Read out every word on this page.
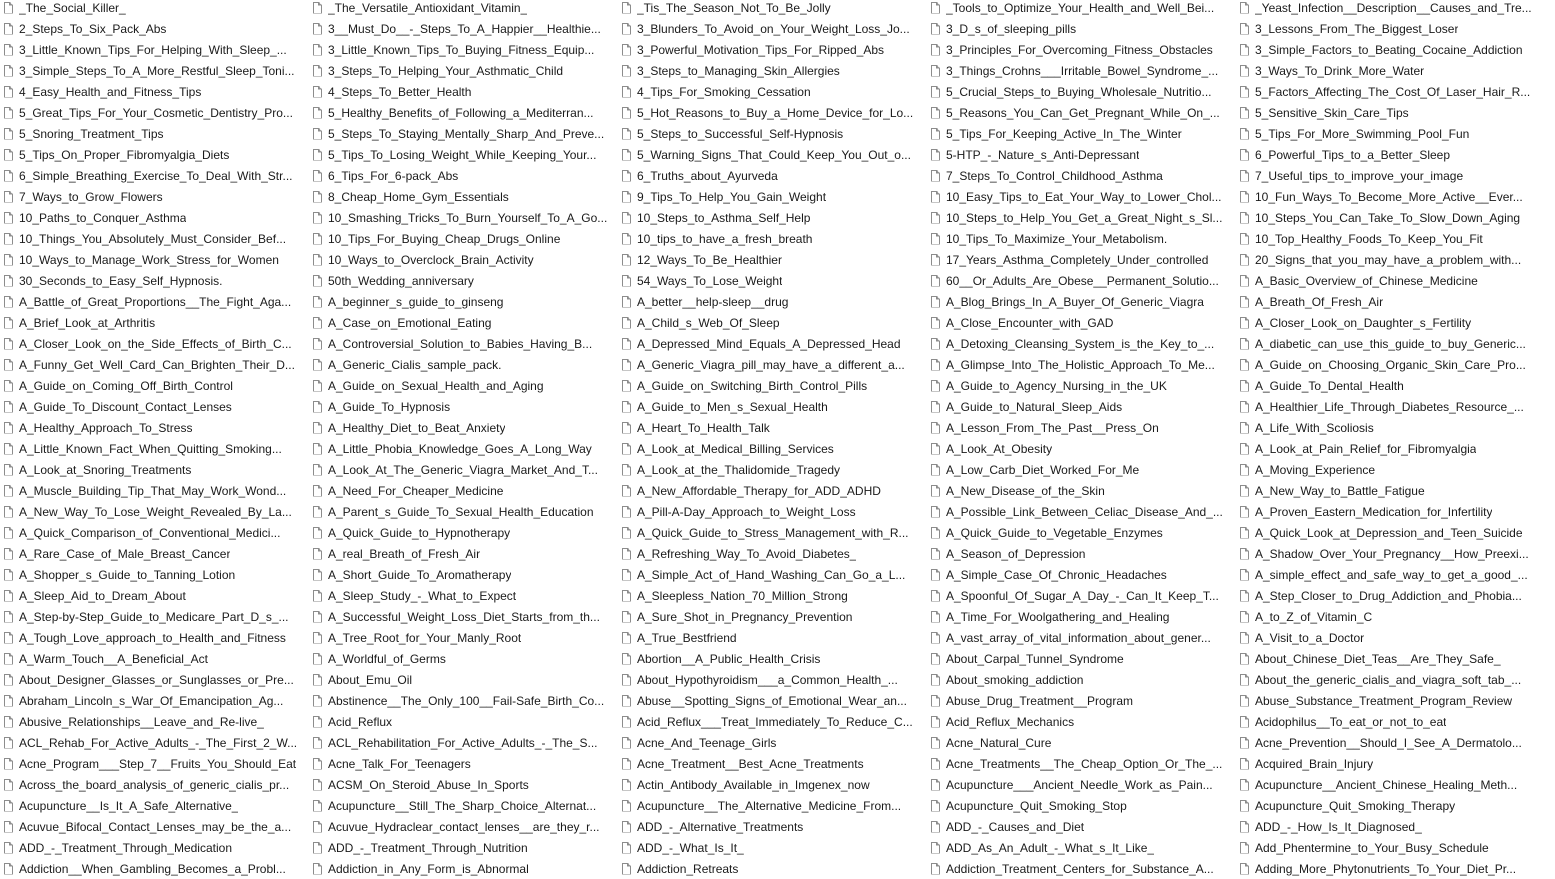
_The_Social_Killer_	_The_Versatile_Antioxidant_Vitamin_	_Tis_The_Season_Not_To_Be_Jolly	_Tools_to_Optimize_Your_Health_and_Well_Bei...	_Yeast_Infection__Description__Causes_and_Tre...
2_Steps_To_Six_Pack_Abs	3__Must_Do__-_Steps_To_A_Happier__Healthie...	3_Blunders_To_Avoid_on_Your_Weight_Loss_Jo...	3_D_s_of_sleeping_pills	3_Lessons_From_The_Biggest_Loser
3_Little_Known_Tips_For_Helping_With_Sleep_...	3_Little_Known_Tips_To_Buying_Fitness_Equip...	3_Powerful_Motivation_Tips_For_Ripped_Abs	3_Principles_For_Overcoming_Fitness_Obstacles	3_Simple_Factors_to_Beating_Cocaine_Addiction
3_Simple_Steps_To_A_More_Restful_Sleep_Toni...	3_Steps_To_Helping_Your_Asthmatic_Child	3_Steps_to_Managing_Skin_Allergies	3_Things_Crohns___Irritable_Bowel_Syndrome_...	3_Ways_To_Drink_More_Water
4_Easy_Health_and_Fitness_Tips	4_Steps_To_Better_Health	4_Tips_For_Smoking_Cessation	5_Crucial_Steps_to_Buying_Wholesale_Nutritio...	5_Factors_Affecting_The_Cost_Of_Laser_Hair_R...
5_Great_Tips_For_Your_Cosmetic_Dentistry_Pro...	5_Healthy_Benefits_of_Following_a_Mediterran...	5_Hot_Reasons_to_Buy_a_Home_Device_for_Lo...	5_Reasons_You_Can_Get_Pregnant_While_On_...	5_Sensitive_Skin_Care_Tips
5_Snoring_Treatment_Tips	5_Steps_To_Staying_Mentally_Sharp_And_Preve...	5_Steps_to_Successful_Self-Hypnosis	5_Tips_For_Keeping_Active_In_The_Winter	5_Tips_For_More_Swimming_Pool_Fun
5_Tips_On_Proper_Fibromyalgia_Diets	5_Tips_To_Losing_Weight_While_Keeping_Your...	5_Warning_Signs_That_Could_Keep_You_Out_o...	5-HTP_-_Nature_s_Anti-Depressant	6_Powerful_Tips_to_a_Better_Sleep
6_Simple_Breathing_Exercise_To_Deal_With_Str...	6_Tips_For_6-pack_Abs	6_Truths_about_Ayurveda	7_Steps_To_Control_Childhood_Asthma	7_Useful_tips_to_improve_your_image
7_Ways_to_Grow_Flowers	8_Cheap_Home_Gym_Essentials	9_Tips_To_Help_You_Gain_Weight	10_Easy_Tips_to_Eat_Your_Way_to_Lower_Chol...	10_Fun_Ways_To_Become_More_Active__Ever...
10_Paths_to_Conquer_Asthma	10_Smashing_Tricks_To_Burn_Yourself_To_A_Go... 10_Steps_to_Asthma_Self_Help	10_Steps_to_Help_You_Get_a_Great_Night_s_Sl...	10_Steps_You_Can_Take_To_Slow_Down_Aging
10_Things_You_Absolutely_Must_Consider_Bef...	10_Tips_For_Buying_Cheap_Drugs_Online	10_tips_to_have_a_fresh_breath	10_Tips_To_Maximize_Your_Metabolism.	10_Top_Healthy_Foods_To_Keep_You_Fit
10_Ways_to_Manage_Work_Stress_for_Women	10_Ways_to_Overclock_Brain_Activity	12_Ways_To_Be_Healthier	17_Years_Asthma_Completely_Under_controlled	20_Signs_that_you_may_have_a_problem_with...
30_Seconds_to_Easy_Self_Hypnosis.	50th_Wedding_anniversary	54_Ways_To_Lose_Weight	60__Or_Adults_Are_Obese__Permanent_Solutio...	A_Basic_Overview_of_Chinese_Medicine
A_Battle_of_Great_Proportions__The_Fight_Aga...	A_beginner_s_guide_to_ginseng	A_better__help-sleep__drug	A_Blog_Brings_In_A_Buyer_Of_Generic_Viagra	A_Breath_Of_Fresh_Air
A_Brief_Look_at_Arthritis	A_Case_on_Emotional_Eating	A_Child_s_Web_Of_Sleep	A_Close_Encounter_with_GAD	A_Closer_Look_on_Daughter_s_Fertility
A_Closer_Look_on_the_Side_Effects_of_Birth_C...	A_Controversial_Solution_to_Babies_Having_B...	A_Depressed_Mind_Equals_A_Depressed_Head	A_Detoxing_Cleansing_System_is_the_Key_to_...	A_diabetic_can_use_this_guide_to_buy_Generic...
A_Funny_Get_Well_Card_Can_Brighten_Their_D...	A_Generic_Cialis_sample_pack.	A_Generic_Viagra_pill_may_have_a_different_a...	A_Glimpse_Into_The_Holistic_Approach_To_Me...	A_Guide_on_Choosing_Organic_Skin_Care_Pro...
A_Guide_on_Coming_Off_Birth_Control	A_Guide_on_Sexual_Health_and_Aging	A_Guide_on_Switching_Birth_Control_Pills	A_Guide_to_Agency_Nursing_in_the_UK	A_Guide_To_Dental_Health
A_Guide_To_Discount_Contact_Lenses	A_Guide_To_Hypnosis	A_Guide_to_Men_s_Sexual_Health	A_Guide_to_Natural_Sleep_Aids	A_Healthier_Life_Through_Diabetes_Resource_...
A_Healthy_Approach_To_Stress	A_Healthy_Diet_to_Beat_Anxiety	A_Heart_To_Health_Talk	A_Lesson_From_The_Past__Press_On	A_Life_With_Scoliosis
A_Little_Known_Fact_When_Quitting_Smoking...	A_Little_Phobia_Knowledge_Goes_A_Long_Way	A_Look_at_Medical_Billing_Services	A_Look_At_Obesity	A_Look_at_Pain_Relief_for_Fibromyalgia
A_Look_at_Snoring_Treatments	A_Look_At_The_Generic_Viagra_Market_And_T...	A_Look_at_the_Thalidomide_Tragedy	A_Low_Carb_Diet_Worked_For_Me	A_Moving_Experience
A_Muscle_Building_Tip_That_May_Work_Wond...	A_Need_For_Cheaper_Medicine	A_New_Affordable_Therapy_for_ADD_ADHD	A_New_Disease_of_the_Skin	A_New_Way_to_Battle_Fatigue
A_New_Way_To_Lose_Weight_Revealed_By_La...	A_Parent_s_Guide_To_Sexual_Health_Education	A_Pill-A-Day_Approach_to_Weight_Loss	A_Possible_Link_Between_Celiac_Disease_And_...	A_Proven_Eastern_Medication_for_Infertility
A_Quick_Comparison_of_Conventional_Medici...	A_Quick_Guide_to_Hypnotherapy	A_Quick_Guide_to_Stress_Management_with_R...	A_Quick_Guide_to_Vegetable_Enzymes	A_Quick_Look_at_Depression_and_Teen_Suicide
A_Rare_Case_of_Male_Breast_Cancer	A_real_Breath_of_Fresh_Air	A_Refreshing_Way_To_Avoid_Diabetes_	A_Season_of_Depression	A_Shadow_Over_Your_Pregnancy__How_Preexi...
A_Shopper_s_Guide_to_Tanning_Lotion	A_Short_Guide_To_Aromatherapy	A_Simple_Act_of_Hand_Washing_Can_Go_a_L...	A_Simple_Case_Of_Chronic_Headaches	A_simple_effect_and_safe_way_to_get_a_good_...
A_Sleep_Aid_to_Dream_About	A_Sleep_Study_-_What_to_Expect	A_Sleepless_Nation_70_Million_Strong	A_Spoonful_Of_Sugar_A_Day_-_Can_It_Keep_T...	A_Step_Closer_to_Drug_Addiction_and_Phobia...
A_Step-by-Step_Guide_to_Medicare_Part_D_s_...	A_Successful_Weight_Loss_Diet_Starts_from_th...	A_Sure_Shot_in_Pregnancy_Prevention	A_Time_For_Woolgathering_and_Healing	A_to_Z_of_Vitamin_C
A_Tough_Love_approach_to_Health_and_Fitness	A_Tree_Root_for_Your_Manly_Root	A_True_Bestfriend	A_vast_array_of_vital_information_about_gener...	A_Visit_to_a_Doctor
A_Warm_Touch__A_Beneficial_Act	A_Worldful_of_Germs	Abortion__A_Public_Health_Crisis	About_Carpal_Tunnel_Syndrome	About_Chinese_Diet_Teas__Are_They_Safe_
About_Designer_Glasses_or_Sunglasses_or_Pre...	About_Emu_Oil	About_Hypothyroidism___a_Common_Health_...	About_smoking_addiction	About_the_generic_cialis_and_viagra_soft_tab_...
Abraham_Lincoln_s_War_Of_Emancipation_Ag...	Abstinence__The_Only_100__Fail-Safe_Birth_Co...	Abuse__Spotting_Signs_of_Emotional_Wear_an...	Abuse_Drug_Treatment__Program	Abuse_Substance_Treatment_Program_Review
Abusive_Relationships__Leave_and_Re-live_	Acid_Reflux	Acid_Reflux___Treat_Immediately_To_Reduce_C...	Acid_Reflux_Mechanics	Acidophilus__To_eat_or_not_to_eat
ACL_Rehab_For_Active_Adults_-_The_First_2_W...	ACL_Rehabilitation_For_Active_Adults_-_The_S...	Acne_And_Teenage_Girls	Acne_Natural_Cure	Acne_Prevention__Should_I_See_A_Dermatolo...
Acne_Program___Step_7__Fruits_You_Should_Eat	Acne_Talk_For_Teenagers	Acne_Treatment__Best_Acne_Treatments	Acne_Treatments__The_Cheap_Option_Or_The_...	Acquired_Brain_Injury
Across_the_board_analysis_of_generic_cialis_pr...	ACSM_On_Steroid_Abuse_In_Sports	Actin_Antibody_Available_in_Imgenex_now	Acupuncture___Ancient_Needle_Work_as_Pain...	Acupuncture__Ancient_Chinese_Healing_Meth...
Acupuncture__Is_It_A_Safe_Alternative_	Acupuncture__Still_The_Sharp_Choice_Alternat...	Acupuncture__The_Alternative_Medicine_From...	Acupuncture_Quit_Smoking_Stop	Acupuncture_Quit_Smoking_Therapy
Acuvue_Bifocal_Contact_Lenses_may_be_the_a...	Acuvue_Hydraclear_contact_lenses__are_they_r...	ADD_-_Alternative_Treatments	ADD_-_Causes_and_Diet	ADD_-_How_Is_It_Diagnosed_
ADD_-_Treatment_Through_Medication	ADD_-_Treatment_Through_Nutrition	ADD_-_What_Is_It_	ADD_As_An_Adult_-_What_s_It_Like_	Add_Phentermine_to_Your_Busy_Schedule
Addiction__When_Gambling_Becomes_a_Probl...	Addiction_in_Any_Form_is_Abnormal	Addiction_Retreats	Addiction_Treatment_Centers_for_Substance_A...	Adding_More_Phytonutrients_To_Your_Diet_Pr...
